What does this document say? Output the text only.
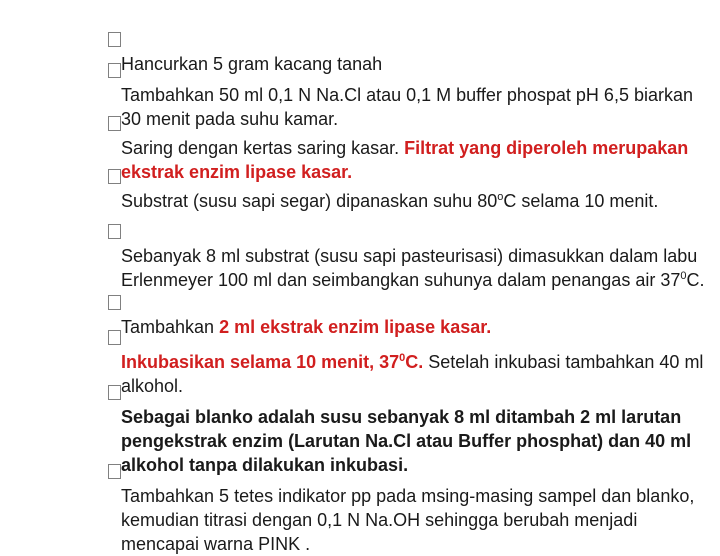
Hancurkan 5 gram kacang tanah

Tambahkan 50 ml 0,1 N Na.Cl atau 0,1 M buffer phospat pH 6,5 biarkan 30 menit pada suhu kamar.

Saring dengan kertas saring kasar. Filtrat yang diperoleh merupakan ekstrak enzim lipase kasar.

Substrat (susu sapi segar) dipanaskan suhu 80$^o$C selama 10 menit.

Sebanyak 8 ml substrat (susu sapi pasteurisasi) dimasukkan dalam labu Erlenmeyer 100 ml dan seimbangkan suhunya dalam penangas air $37^0C$.

Tambahkan 2 ml ekstrak enzim lipase kasar.

Inkubasikan selama 10 menit, $37^0C$. Setelah inkubasi tambahkan 40 ml alkohol.

Sebagai blanko adalah susu sebanyak 8 ml ditambah 2 ml larutan pengekstrak enzim (Larutan Na.Cl atau Buffer phosphat) dan 40 ml alkohol tanpa dilakukan inkubasi.

Tambahkan 5 tetes indikator pp pada msing-masing sampel dan blanko, kemudian titrasi dengan 0,1 N Na.OH sehingga berubah menjadi mencapai warna PINK .
